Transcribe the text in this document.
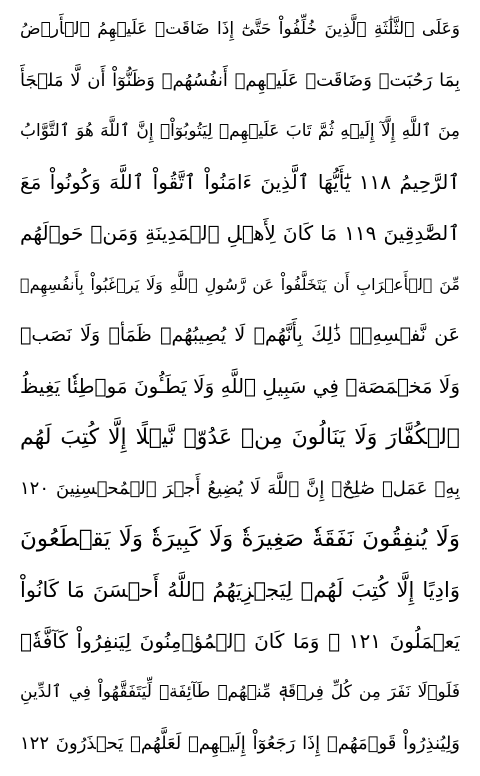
وَعَلَى ٱلثَّلَٰثَةِ ٱلَّذِينَ خُلِّفُواْ حَتَّىٰٓ إِذَا ضَاقَتۡ عَلَيۡهِمُ ٱلۡأَرۡضُ
بِمَا رَحُبَتۡ وَضَاقَتۡ عَلَيۡهِمۡ أَنفُسُهُمۡ وَظَنُّوٓاْ أَن لَّا مَلۡجَأَ
مِنَ ٱللَّهِ إِلَّآ إِلَيۡهِ ثُمَّ تَابَ عَلَيۡهِمۡ لِيَتُوبُوٓاْۚ إِنَّ ٱللَّهَ هُوَ ٱلتَّوَّابُ
ٱلرَّحِيمُ ١١٨ يَٰٓأَيُّهَا ٱلَّذِينَ ءَامَنُواْ ٱتَّقُواْ ٱللَّهَ وَكُونُواْ مَعَ
ٱلصَّٰدِقِينَ ١١٩ مَا كَانَ لِأَهۡلِ ٱلۡمَدِينَةِ وَمَنۡ حَوۡلَهُم
مِّنَ ٱلۡأَعۡرَابِ أَن يَتَخَلَّفُواْ عَن رَّسُولِ ٱللَّهِ وَلَا يَرۡغَبُواْ بِأَنفُسِهِمۡ
عَن نَّفۡسِهِۦۚ ذَٰلِكَ بِأَنَّهُمۡ لَا يُصِيبُهُمۡ ظَمَأٞ وَلَا نَصَبٞ
وَلَا مَخۡمَصَةٞ فِي سَبِيلِ ٱللَّهِ وَلَا يَطَـُٔونَ مَوۡطِئٗا يَغِيظُ
ٱلۡكُفَّارَ وَلَا يَنَالُونَ مِنۡ عَدُوّٖ نَّيۡلًا إِلَّا كُتِبَ لَهُم
بِهِۦ عَمَلٞ صَٰلِحٌۚ إِنَّ ٱللَّهَ لَا يُضِيعُ أَجۡرَ ٱلۡمُحۡسِنِينَ ١٢٠
وَلَا يُنفِقُونَ نَفَقَةٗ صَغِيرَةٗ وَلَا كَبِيرَةٗ وَلَا يَقۡطَعُونَ
وَادِيًا إِلَّا كُتِبَ لَهُمۡ لِيَجۡزِيَهُمُ ٱللَّهُ أَحۡسَنَ مَا كَانُواْ
يَعۡمَلُونَ ١٢١ ۞ وَمَا كَانَ ٱلۡمُؤۡمِنُونَ لِيَنفِرُواْ كَآفَّةٗۚ
فَلَوۡلَا نَفَرَ مِن كُلِّ فِرۡقَةٖ مِّنۡهُمۡ طَآئِفَةٞ لِّيَتَفَقَّهُواْ فِي ٱلدِّينِ
وَلِيُنذِرُواْ قَوۡمَهُمۡ إِذَا رَجَعُوٓاْ إِلَيۡهِمۡ لَعَلَّهُمۡ يَحۡذَرُونَ ١٢٢
